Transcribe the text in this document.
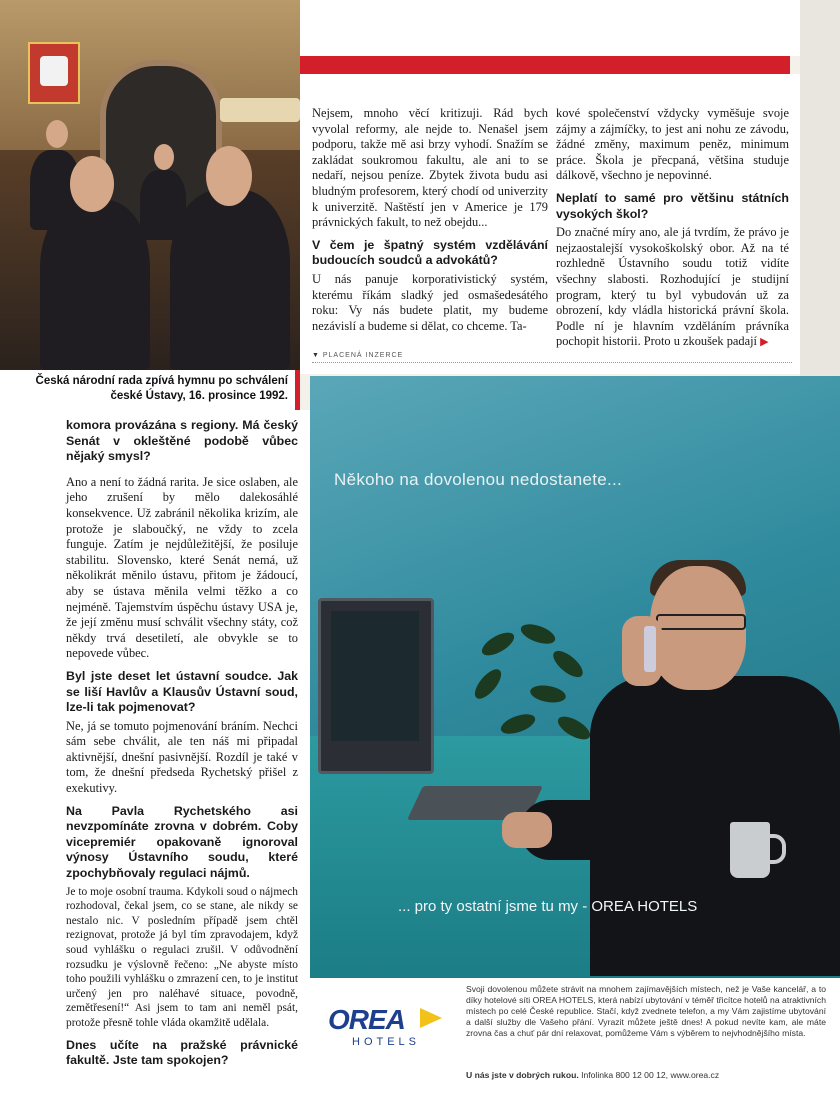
Česká národní rada zpívá hymnu po schválení české Ústavy, 16. prosince 1992.

Nejsem, mnoho věcí kritizuji. Rád bych vyvolal reformy, ale nejde to. Nenašel jsem podporu, takže mě asi brzy vyhodí. Snažím se zakládat soukromou fakultu, ale ani to se nedaří, nejsou peníze. Zbytek života budu asi bludným profesorem, který chodí od univerzity k univerzitě. Naštěstí jen v Americe je 179 právnických fakult, to než obejdu...

V čem je špatný systém vzdělávání budoucích soudců a advokátů?

U nás panuje korporativistický systém, kterému říkám sladký jed osmašedesátého roku: Vy nás budete platit, my budeme nezávislí a budeme si dělat, co chceme. Ta-

kové společenství vždycky vyměšuje svoje zájmy a zájmíčky, to jest ani nohu ze závodu, žádné změny, maximum peněz, minimum práce. Škola je přecpaná, většina studuje dálkově, všechno je nepovinné.

Neplatí to samé pro většinu státních vysokých škol?

Do značné míry ano, ale já tvrdím, že právo je nejzaostalejší vysokoškolský obor. Až na té rozhledně Ústavního soudu totiž vidíte všechny slabosti. Rozhodující je studijní program, který tu byl vybudován už za obrození, kdy vládla historická právní škola. Podle ní je hlavním vzděláním právníka pochopit historii. Proto u zkoušek padají ▶

▼ PLACENÁ INZERCE
komora provázána s regiony. Má český Senát v okleštěné podobě vůbec nějaký smysl?

Ano a není to žádná rarita. Je sice oslaben, ale jeho zrušení by mělo dalekosáhlé konsekvence. Už zabránil několika krizím, ale protože je slaboučký, ne vždy to zcela funguje. Zatím je nejdůležitější, že posiluje stabilitu. Slovensko, které Senát nemá, už několikrát měnilo ústavu, přitom je žádoucí, aby se ústava měnila velmi těžko a co nejméně. Tajemstvím úspěchu ústavy USA je, že její změnu musí schválit všechny státy, což někdy trvá desetiletí, ale obvykle se to nepovede vůbec.

Byl jste deset let ústavní soudce. Jak se liší Havlův a Klausův Ústavní soud, lze-li tak pojmenovat?

Ne, já se tomuto pojmenování bráním. Nechci sám sebe chválit, ale ten náš mi připadal aktivnější, dnešní pasivnější. Rozdíl je také v tom, že dnešní předseda Rychetský přišel z exekutivy.

Na Pavla Rychetského asi nevzpomínáte zrovna v dobrém. Coby vicepremiér opakovaně ignoroval výnosy Ústavního soudu, které zpochybňovaly regulaci nájmů.

Je to moje osobní trauma. Kdykoli soud o nájmech rozhodoval, čekal jsem, co se stane, ale nikdy se nestalo nic. V posledním případě jsem chtěl rezignovat, protože já byl tím zpravodajem, když soud vyhlášku o regulaci zrušil. V odůvodnění rozsudku je výslovně řečeno: „Ne abyste místo toho použili vyhlášku o zmrazení cen, to je institut určený jen pro naléhavé situace, povodně, zemětřesení!“ Asi jsem to tam ani neměl psát, protože přesně tohle vláda okamžitě udělala.

Dnes učíte na pražské právnické fakultě. Jste tam spokojen?
Někoho na dovolenou nedostanete...
... pro ty ostatní jsme tu my - OREA HOTELS
OREA
HOTELS
Svoji dovolenou můžete strávit na mnohem zajímavějších místech, než je Vaše kancelář, a to díky hotelové síti OREA HOTELS, která nabízí ubytování v téměř třicítce hotelů na atraktivních místech po celé České republice. Stačí, když zvednete telefon, a my Vám zajistíme ubytování a další služby dle Vašeho přání. Vyrazit můžete ještě dnes! A pokud nevíte kam, ale máte zrovna čas a chuť pár dní relaxovat, pomůžeme Vám s výběrem to nejvhodnějšího místa.
U nás jste v dobrých rukou. Infolinka 800 12 00 12, www.orea.cz
